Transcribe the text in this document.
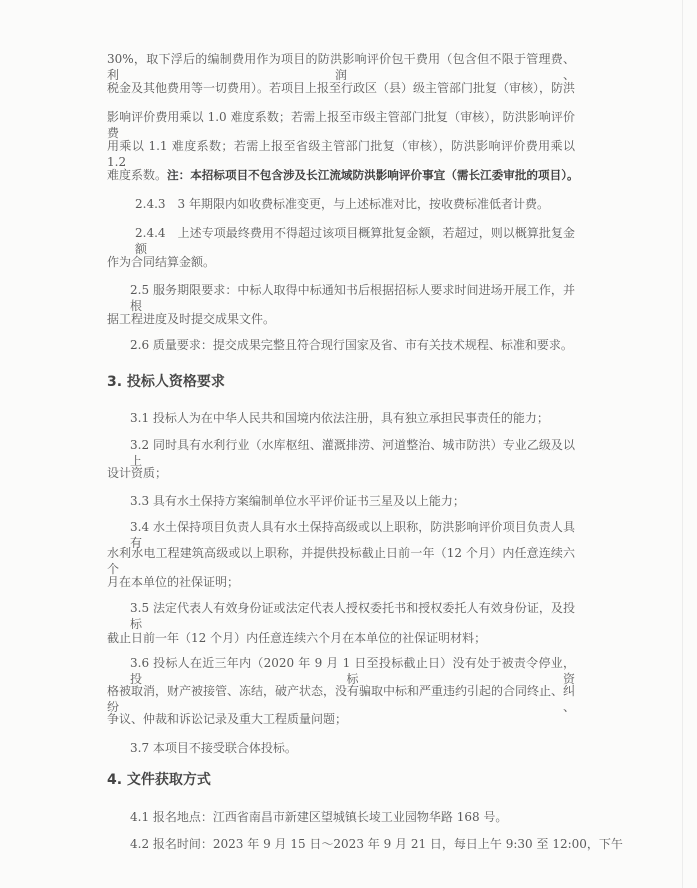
30%，取下浮后的编制费用作为项目的防洪影响评价包干费用（包含但不限于管理费、利润、
税金及其他费用等一切费用）。若项目上报至行政区（县）级主管部门批复（审核），防洪
影响评价费用乘以 1.0 难度系数；若需上报至市级主管部门批复（审核），防洪影响评价费
用乘以 1.1 难度系数；若需上报至省级主管部门批复（审核），防洪影响评价费用乘以 1.2
难度系数。注：本招标项目不包含涉及长江流域防洪影响评价事宜（需长江委审批的项目）。
2.4.3　3 年期限内如收费标准变更，与上述标准对比，按收费标准低者计费。
2.4.4　上述专项最终费用不得超过该项目概算批复金额，若超过，则以概算批复金额
作为合同结算金额。
2.5 服务期限要求：中标人取得中标通知书后根据招标人要求时间进场开展工作，并根
据工程进度及时提交成果文件。
2.6 质量要求：提交成果完整且符合现行国家及省、市有关技术规程、标准和要求。
3. 投标人资格要求
3.1 投标人为在中华人民共和国境内依法注册，具有独立承担民事责任的能力；
3.2 同时具有水利行业（水库枢纽、灌溉排涝、河道整治、城市防洪）专业乙级及以上
设计资质；
3.3 具有水土保持方案编制单位水平评价证书三星及以上能力；
3.4 水土保持项目负责人具有水土保持高级或以上职称，防洪影响评价项目负责人具有
水利水电工程建筑高级或以上职称，并提供投标截止日前一年（12 个月）内任意连续六个
月在本单位的社保证明；
3.5 法定代表人有效身份证或法定代表人授权委托书和授权委托人有效身份证，及投标
截止日前一年（12 个月）内任意连续六个月在本单位的社保证明材料；
3.6 投标人在近三年内（2020 年 9 月 1 日至投标截止日）没有处于被责令停业，投标资
格被取消，财产被接管、冻结，破产状态，没有骗取中标和严重违约引起的合同终止、纠纷、
争议、仲裁和诉讼记录及重大工程质量问题；
3.7 本项目不接受联合体投标。
4. 文件获取方式
4.1 报名地点：江西省南昌市新建区望城镇长堎工业园物华路 168 号。
4.2 报名时间：2023 年 9 月 15 日～2023 年 9 月 21 日，每日上午 9:30 至 12:00，下午
